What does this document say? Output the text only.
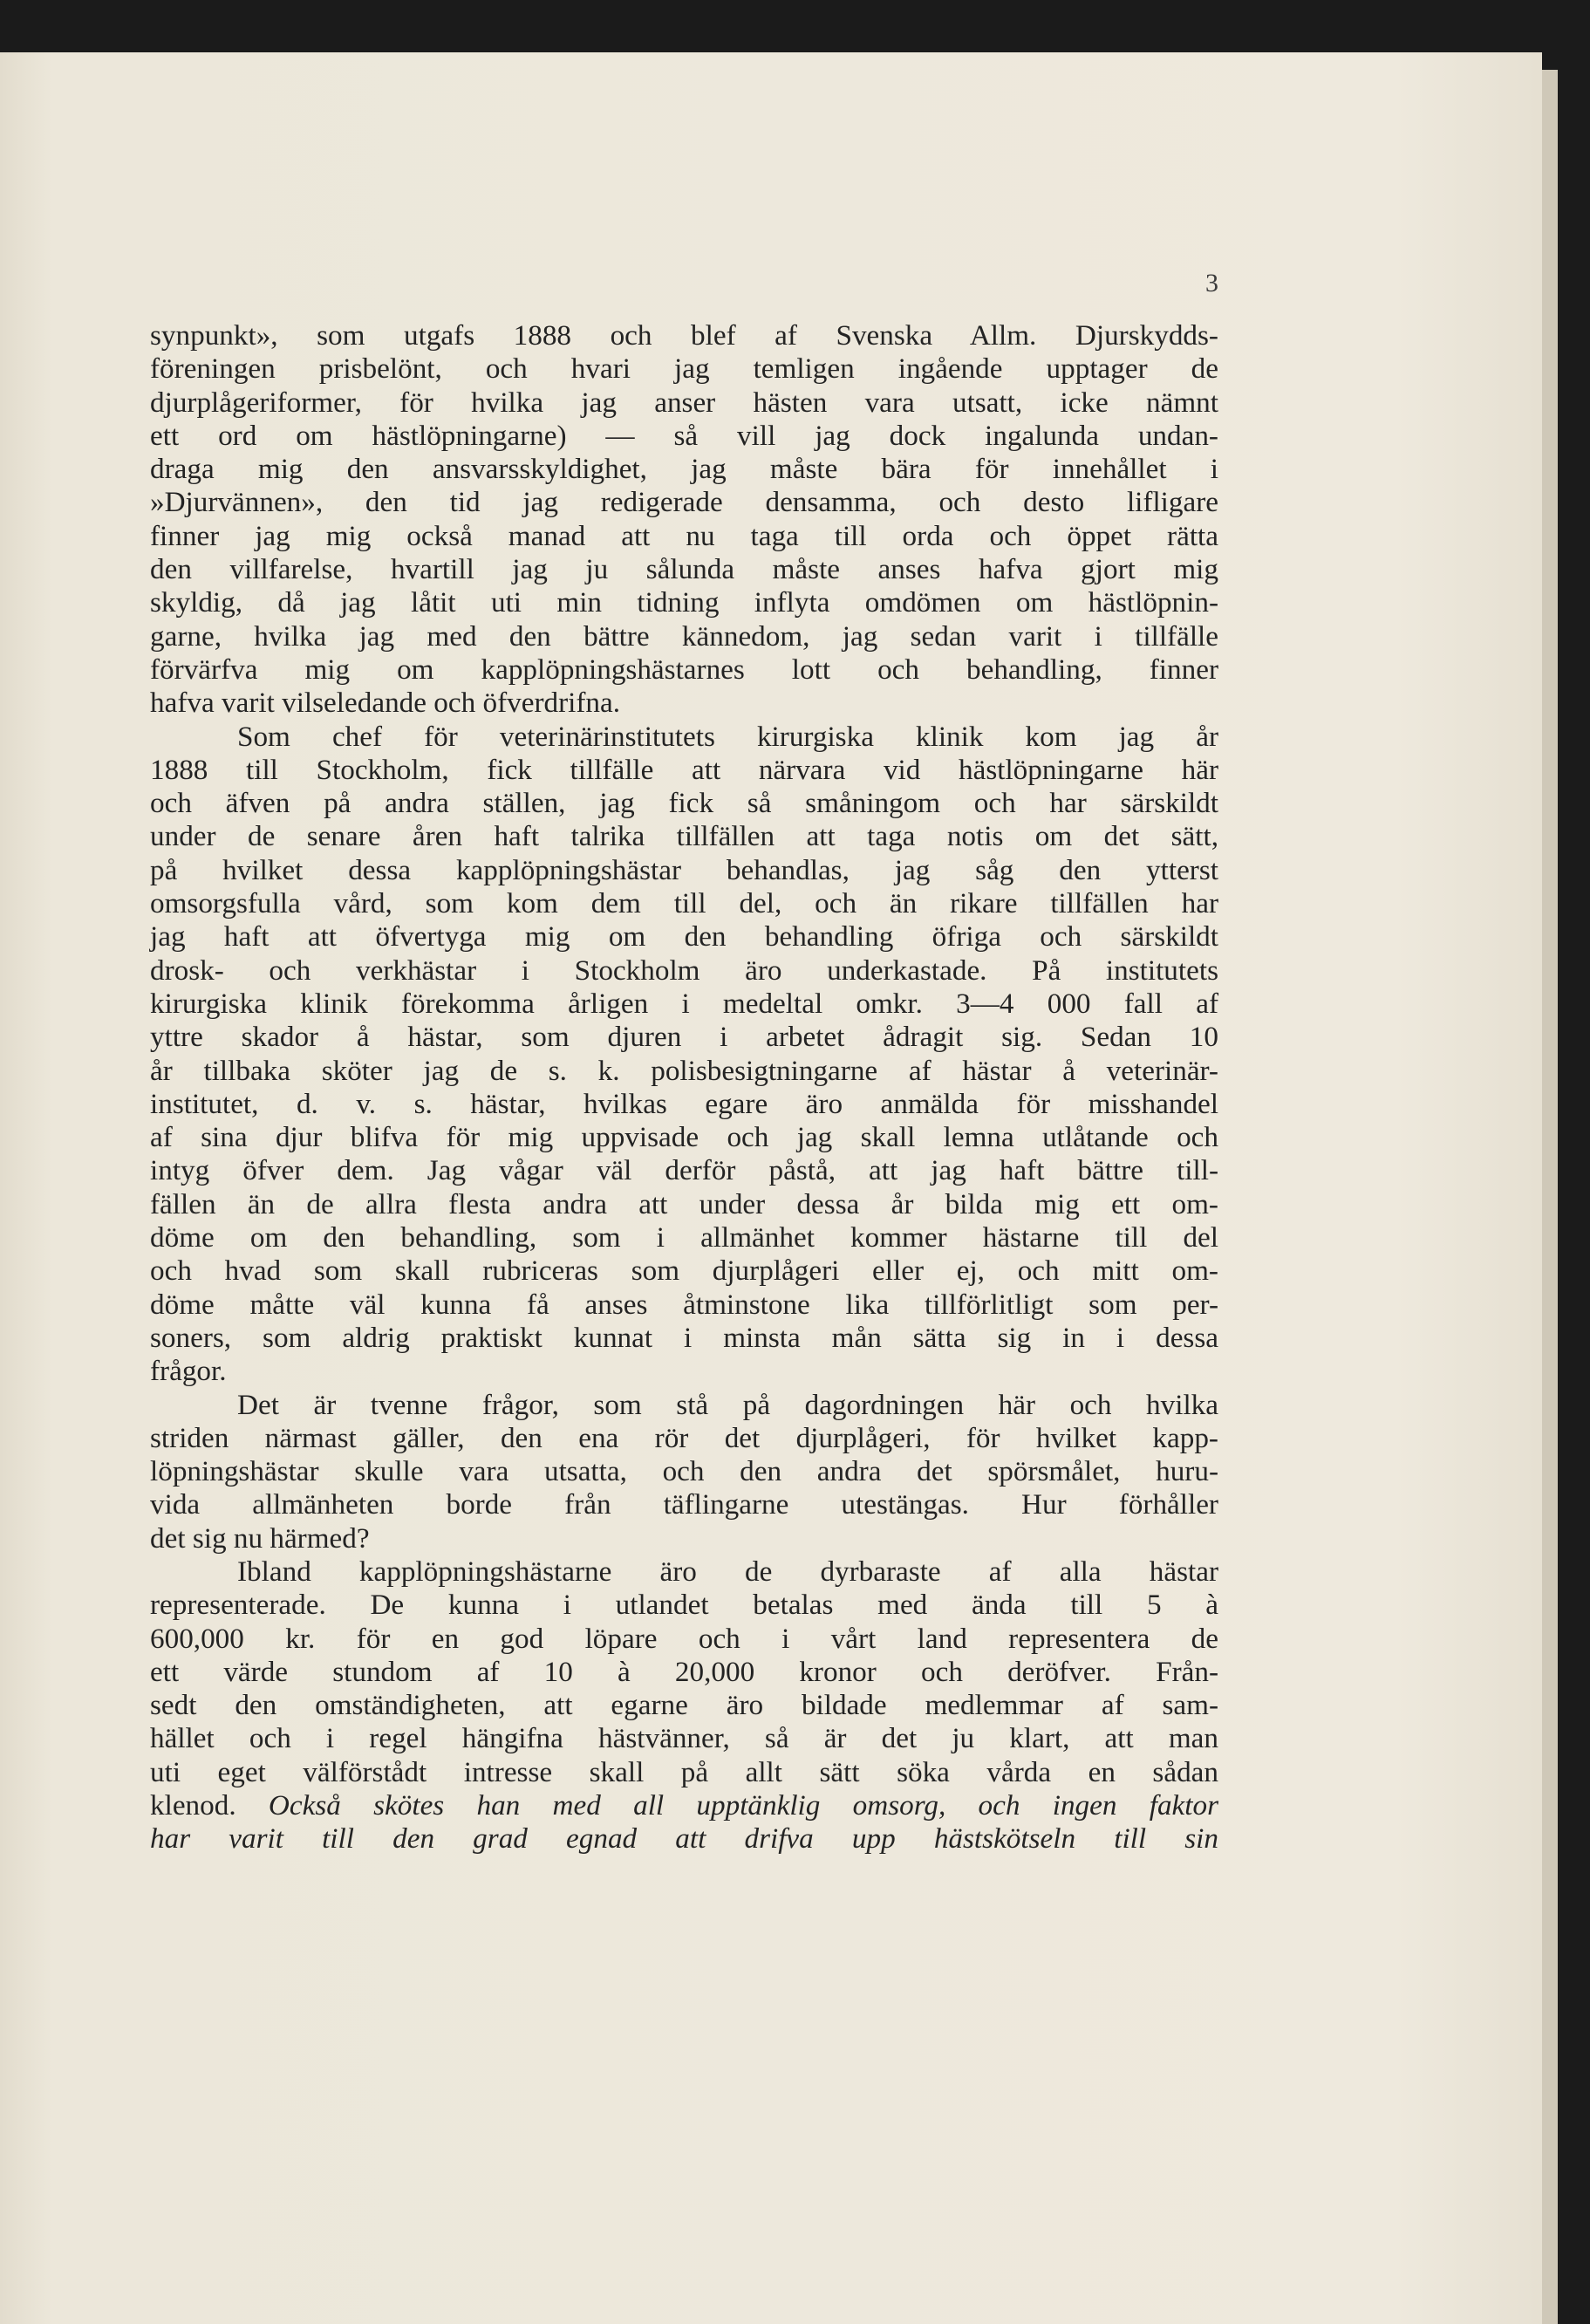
3
synpunkt», som utgafs 1888 och blef af Svenska Allm. Djurskydds-
föreningen prisbelönt, och hvari jag temligen ingående upptager de
djurplågeriformer, för hvilka jag anser hästen vara utsatt, icke nämnt
ett ord om hästlöpningarne) — så vill jag dock ingalunda undan-
draga mig den ansvarsskyldighet, jag måste bära för innehållet i
»Djurvännen», den tid jag redigerade densamma, och desto lifligare
finner jag mig också manad att nu taga till orda och öppet rätta
den villfarelse, hvartill jag ju sålunda måste anses hafva gjort mig
skyldig, då jag låtit uti min tidning inflyta omdömen om hästlöpnin-
garne, hvilka jag med den bättre kännedom, jag sedan varit i tillfälle
förvärfva mig om kapplöpningshästarnes lott och behandling, finner
hafva varit vilseledande och öfverdrifna.
Som chef för veterinärinstitutets kirurgiska klinik kom jag år
1888 till Stockholm, fick tillfälle att närvara vid hästlöpningarne här
och äfven på andra ställen, jag fick så småningom och har särskildt
under de senare åren haft talrika tillfällen att taga notis om det sätt,
på hvilket dessa kapplöpningshästar behandlas, jag såg den ytterst
omsorgsfulla vård, som kom dem till del, och än rikare tillfällen har
jag haft att öfvertyga mig om den behandling öfriga och särskildt
drosk- och verkhästar i Stockholm äro underkastade. På institutets
kirurgiska klinik förekomma årligen i medeltal omkr. 3—4 000 fall af
yttre skador å hästar, som djuren i arbetet ådragit sig. Sedan 10
år tillbaka sköter jag de s. k. polisbesigtningarne af hästar å veterinär-
institutet, d. v. s. hästar, hvilkas egare äro anmälda för misshandel
af sina djur blifva för mig uppvisade och jag skall lemna utlåtande och
intyg öfver dem. Jag vågar väl derför påstå, att jag haft bättre till-
fällen än de allra flesta andra att under dessa år bilda mig ett om-
döme om den behandling, som i allmänhet kommer hästarne till del
och hvad som skall rubriceras som djurplågeri eller ej, och mitt om-
döme måtte väl kunna få anses åtminstone lika tillförlitligt som per-
soners, som aldrig praktiskt kunnat i minsta mån sätta sig in i dessa
frågor.
Det är tvenne frågor, som stå på dagordningen här och hvilka
striden närmast gäller, den ena rör det djurplågeri, för hvilket kapp-
löpningshästar skulle vara utsatta, och den andra det spörsmålet, huru-
vida allmänheten borde från täflingarne utestängas. Hur förhåller
det sig nu härmed?
Ibland kapplöpningshästarne äro de dyrbaraste af alla hästar
representerade. De kunna i utlandet betalas med ända till 5 à
600,000 kr. för en god löpare och i vårt land representera de
ett värde stundom af 10 à 20,000 kronor och deröfver. Från-
sedt den omständigheten, att egarne äro bildade medlemmar af sam-
hället och i regel hängifna hästvänner, så är det ju klart, att man
uti eget välförstådt intresse skall på allt sätt söka vårda en sådan
klenod. Också skötes han med all upptänklig omsorg, och ingen faktor
har varit till den grad egnad att drifva upp hästskötseln till sin
